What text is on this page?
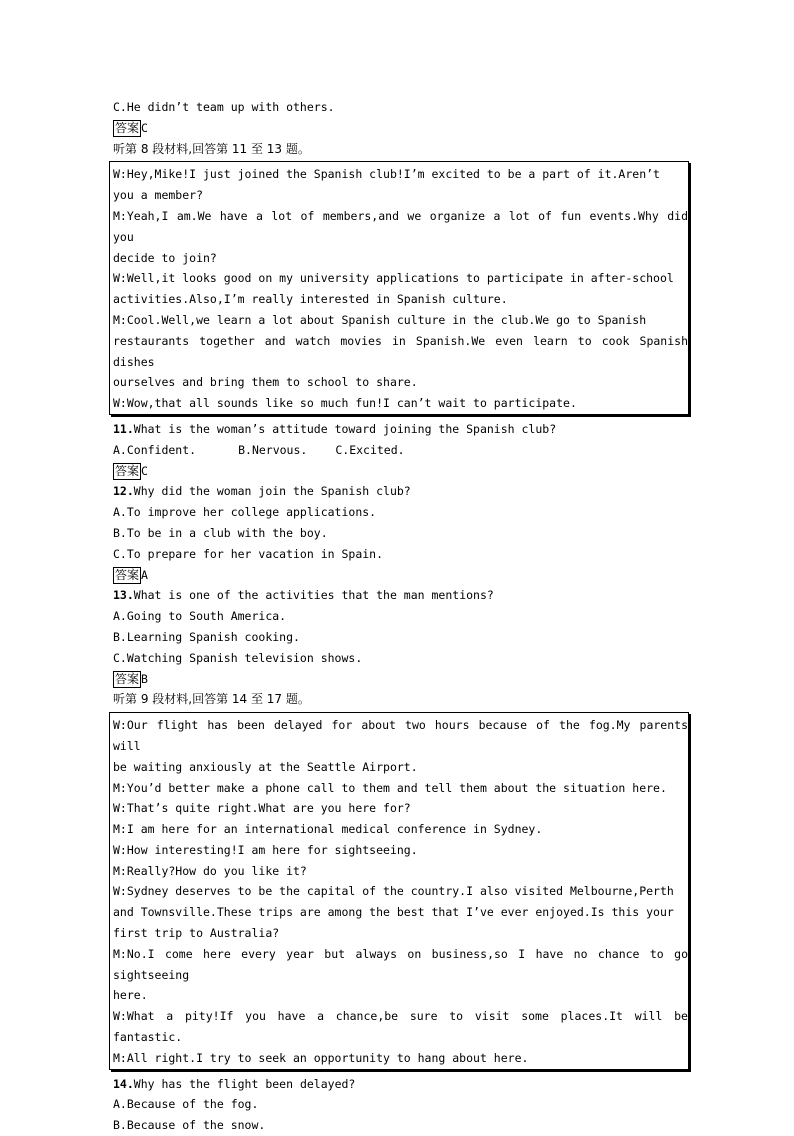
C.He didn’t team up with others.
答案 C
听第 8 段材料,回答第 11 至 13 题。
W:Hey,Mike!I just joined the Spanish club!I’m excited to be a part of it.Aren’t
you a member?
M:Yeah,I am.We have a lot of members,and we organize a lot of fun events.Why did you
decide to join?
W:Well,it looks good on my university applications to participate in after-school
activities.Also,I’m really interested in Spanish culture.
M:Cool.Well,we learn a lot about Spanish culture in the club.We go to Spanish
restaurants together and watch movies in Spanish.We even learn to cook Spanish dishes
ourselves and bring them to school to share.
W:Wow,that all sounds like so much fun!I can’t wait to participate.
11.What is the woman’s attitude toward joining the Spanish club?
A.Confident.	B.Nervous. C.Excited.
答案 C
12.Why did the woman join the Spanish club?
A.To improve her college applications.
B.To be in a club with the boy.
C.To prepare for her vacation in Spain.
答案 A
13.What is one of the activities that the man mentions?
A.Going to South America.
B.Learning Spanish cooking.
C.Watching Spanish television shows.
答案 B
听第 9 段材料,回答第 14 至 17 题。
W:Our flight has been delayed for about two hours because of the fog.My parents will
be waiting anxiously at the Seattle Airport.
M:You’d better make a phone call to them and tell them about the situation here.
W:That’s quite right.What are you here for?
M:I am here for an international medical conference in Sydney.
W:How interesting!I am here for sightseeing.
M:Really?How do you like it?
W:Sydney deserves to be the capital of the country.I also visited Melbourne,Perth
and Townsville.These trips are among the best that I’ve ever enjoyed.Is this your
first trip to Australia?
M:No.I come here every year but always on business,so I have no chance to go sightseeing
here.
W:What a pity!If you have a chance,be sure to visit some places.It will be fantastic.
M:All right.I try to seek an opportunity to hang about here.
14.Why has the flight been delayed?
A.Because of the fog.
B.Because of the snow.
